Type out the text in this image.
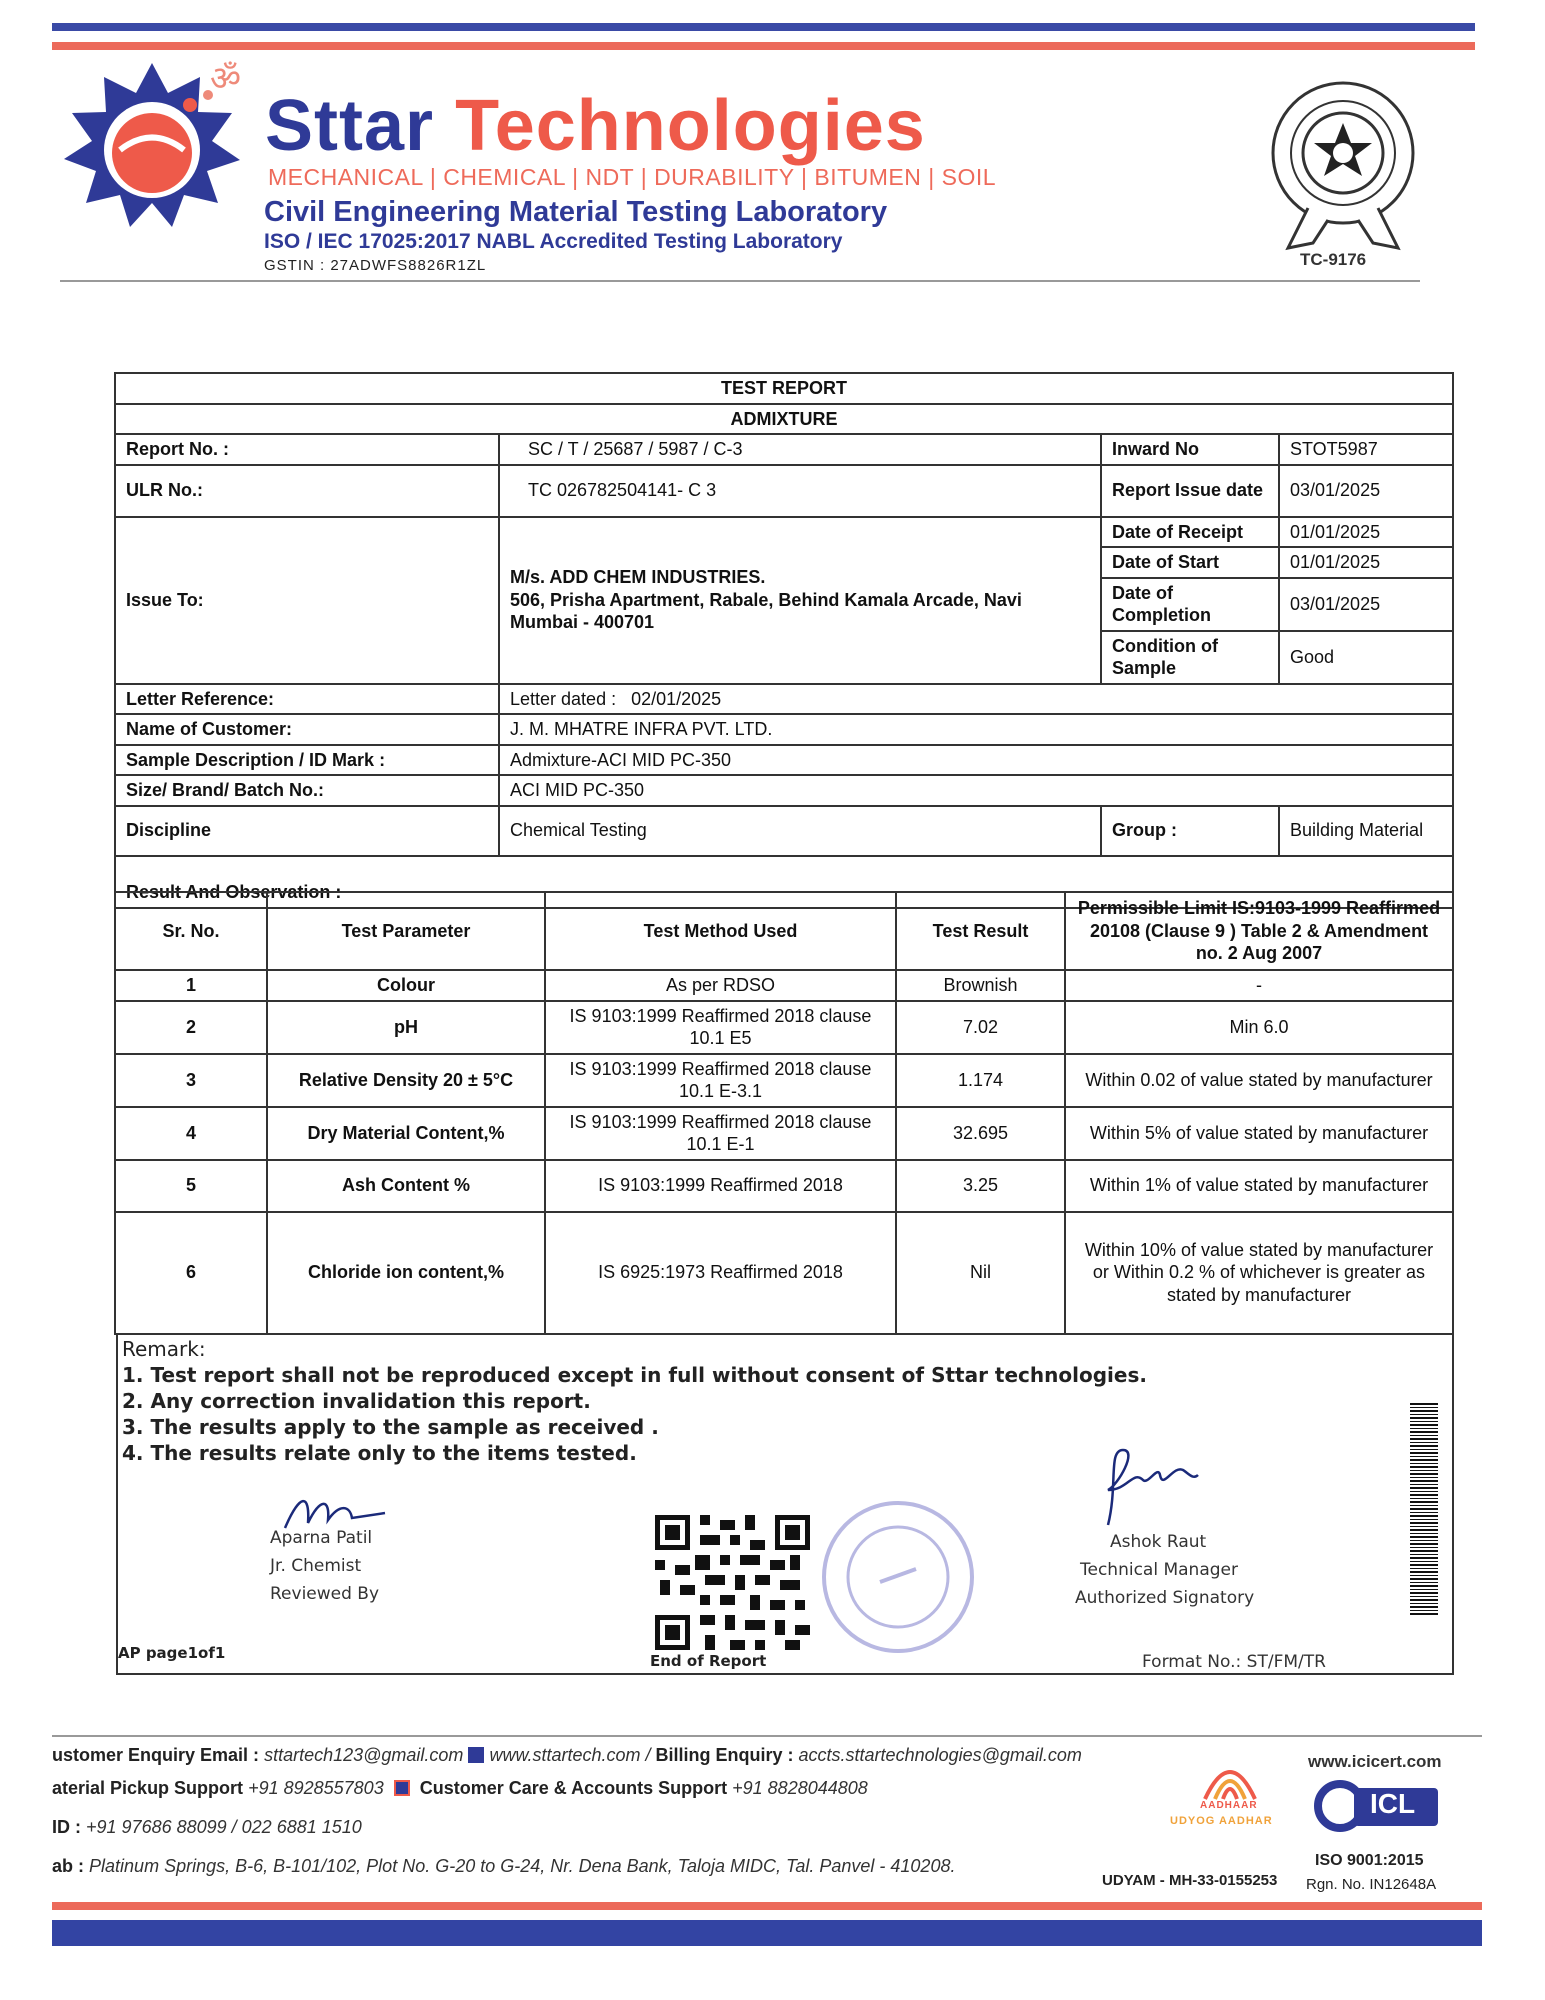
ॐ
Sttar Technologies
MECHANICAL | CHEMICAL | NDT | DURABILITY | BITUMEN | SOIL
Civil Engineering Material Testing Laboratory
ISO / IEC 17025:2017 NABL Accredited Testing Laboratory
GSTIN : 27ADWFS8826R1ZL	TC-9176
TEST REPORT			
ADMIXTURE			
Report No. :	SC / T / 25687 / 5987 / C-3	Inward No	STOT5987
ULR No.:	TC 026782504141- C 3	Report Issue date	03/01/2025

Issue To:	M/s. ADD CHEM INDUSTRIES.
506, Prisha Apartment, Rabale, Behind Kamala Arcade, Navi Mumbai - 400701	Date of Receipt	01/01/2025
		Date of Start	01/01/2025
		Date of Completion	03/01/2025
		Condition of Sample	Good
Letter Reference:	Letter dated :   02/01/2025		
Name of Customer:	J. M. MHATRE INFRA PVT. LTD.		
Sample Description / ID Mark :	Admixture-ACI MID PC-350		
Size/ Brand/ Batch No.:	ACI MID PC-350		
Discipline	Chemical Testing	Group :	Building Material
Result And Observation :			
Sr. No.	Test Parameter	Test Method Used	Test Result	Permissible Limit IS:9103-1999 Reaffirmed 20108 (Clause 9 ) Table 2 & Amendment no. 2 Aug 2007
1	Colour	As per RDSO	Brownish	-
2	pH	IS 9103:1999 Reaffirmed 2018 clause 10.1 E5	7.02	Min 6.0
3	Relative Density 20 ± 5°C	IS 9103:1999 Reaffirmed 2018 clause 10.1 E-3.1	1.174	Within 0.02 of value stated by manufacturer
4	Dry Material Content,%	IS 9103:1999 Reaffirmed 2018 clause 10.1 E-1	32.695	Within 5% of value stated by manufacturer
5	Ash Content %	IS 9103:1999 Reaffirmed 2018	3.25	Within 1% of value stated by manufacturer
6	Chloride ion content,%	IS 6925:1973 Reaffirmed 2018	Nil	Within 10% of value stated by manufacturer or Within 0.2 % of whichever is greater as stated by manufacturer
Remark:
1. Test report shall not be reproduced except in full without consent of Sttar technologies.
2. Any correction invalidation this report.
3. The results apply to the sample as received .
4. The results relate only to the items tested.
Aparna Patil
Jr. Chemist
Reviewed By
Ashok Raut
Technical Manager
Authorized Signatory
AP page1of1	End of Report	Format No.: ST/FM/TR
ustomer Enquiry Email : sttartech123@gmail.com www.sttartech.com / Billing Enquiry : accts.sttartechnologies@gmail.com
aterial Pickup Support +91 8928557803 Customer Care & Accounts Support +91 8828044808
ID : +91 97686 88099 / 022 6881 1510
ab : Platinum Springs, B-6, B-101/102, Plot No. G-20 to G-24, Nr. Dena Bank, Taloja MIDC, Tal. Panvel - 410208.
AADHAAR
UDYOG AADHAR
UDYAM - MH-33-0155253
www.icicert.com
ICL
ISO 9001:2015
Rgn. No. IN12648A
